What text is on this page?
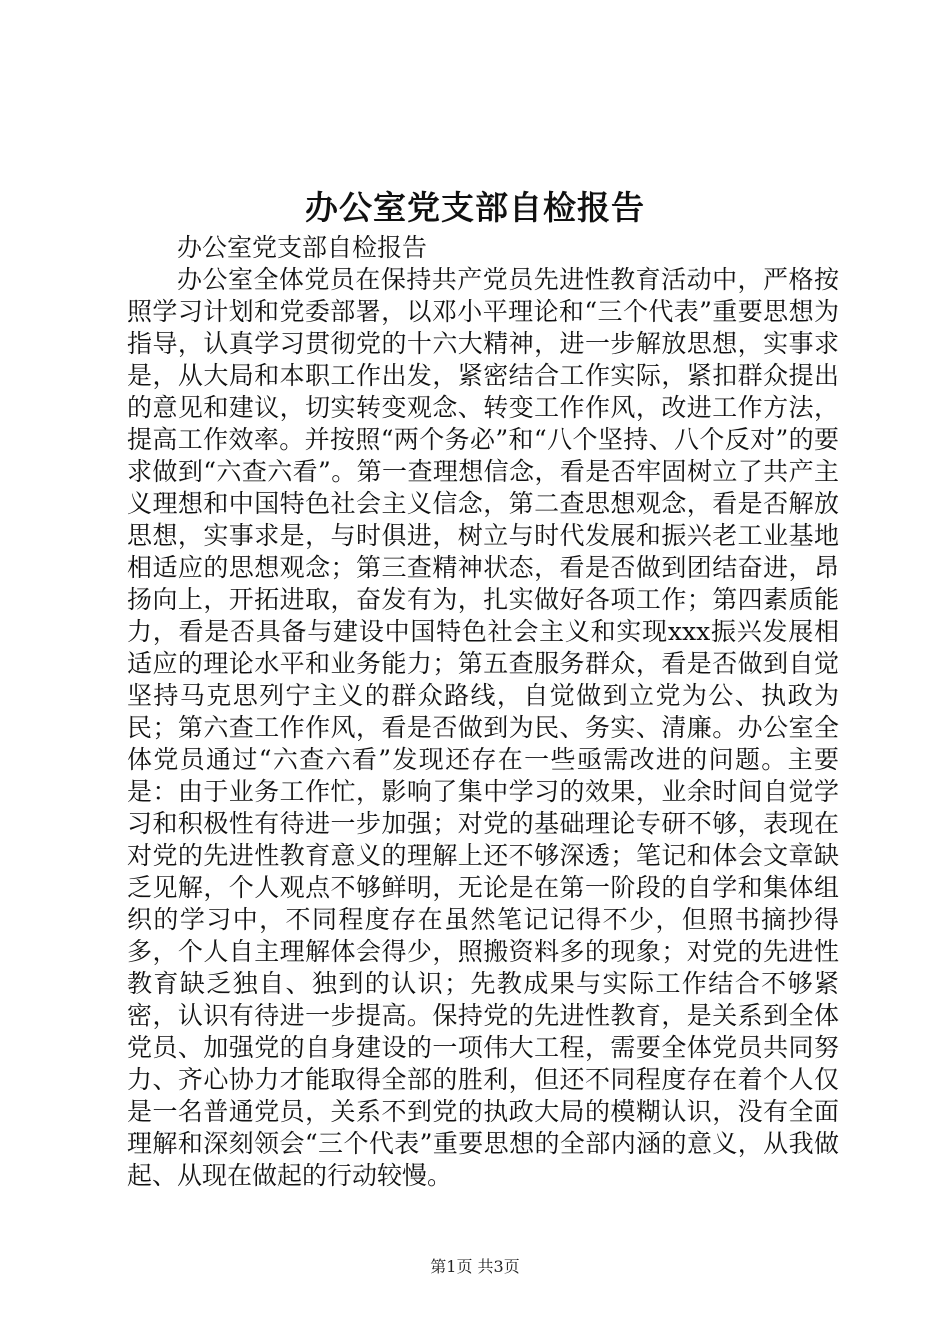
办公室党支部自检报告

办公室党支部自检报告

办公室全体党员在保持共产党员先进性教育活动中，严格按照学习计划和党委部署，以邓小平理论和“三个代表”重要思想为指导，认真学习贯彻党的十六大精神，进一步解放思想，实事求是，从大局和本职工作出发，紧密结合工作实际，紧扣群众提出的意见和建议，切实转变观念、转变工作作风，改进工作方法，提高工作效率。并按照“两个务必”和“八个坚持、八个反对”的要求做到“六查六看”。第一查理想信念，看是否牢固树立了共产主义理想和中国特色社会主义信念，第二查思想观念，看是否解放思想，实事求是，与时俱进，树立与时代发展和振兴老工业基地相适应的思想观念；第三查精神状态，看是否做到团结奋进，昂扬向上，开拓进取，奋发有为，扎实做好各项工作；第四素质能力，看是否具备与建设中国特色社会主义和实现xxx振兴发展相适应的理论水平和业务能力；第五查服务群众，看是否做到自觉坚持马克思列宁主义的群众路线，自觉做到立党为公、执政为民；第六查工作作风，看是否做到为民、务实、清廉。办公室全体党员通过“六查六看”发现还存在一些亟需改进的问题。主要是：由于业务工作忙，影响了集中学习的效果，业余时间自觉学习和积极性有待进一步加强；对党的基础理论专研不够，表现在对党的先进性教育意义的理解上还不够深透；笔记和体会文章缺乏见解，个人观点不够鲜明，无论是在第一阶段的自学和集体组织的学习中，不同程度存在虽然笔记记得不少，但照书摘抄得多，个人自主理解体会得少，照搬资料多的现象；对党的先进性教育缺乏独自、独到的认识；先教成果与实际工作结合不够紧密，认识有待进一步提高。保持党的先进性教育，是关系到全体党员、加强党的自身建设的一项伟大工程，需要全体党员共同努力、齐心协力才能取得全部的胜利，但还不同程度存在着个人仅是一名普通党员，关系不到党的执政大局的模糊认识，没有全面理解和深刻领会“三个代表”重要思想的全部内涵的意义，从我做起、从现在做起的行动较慢。

第1页 共3页
